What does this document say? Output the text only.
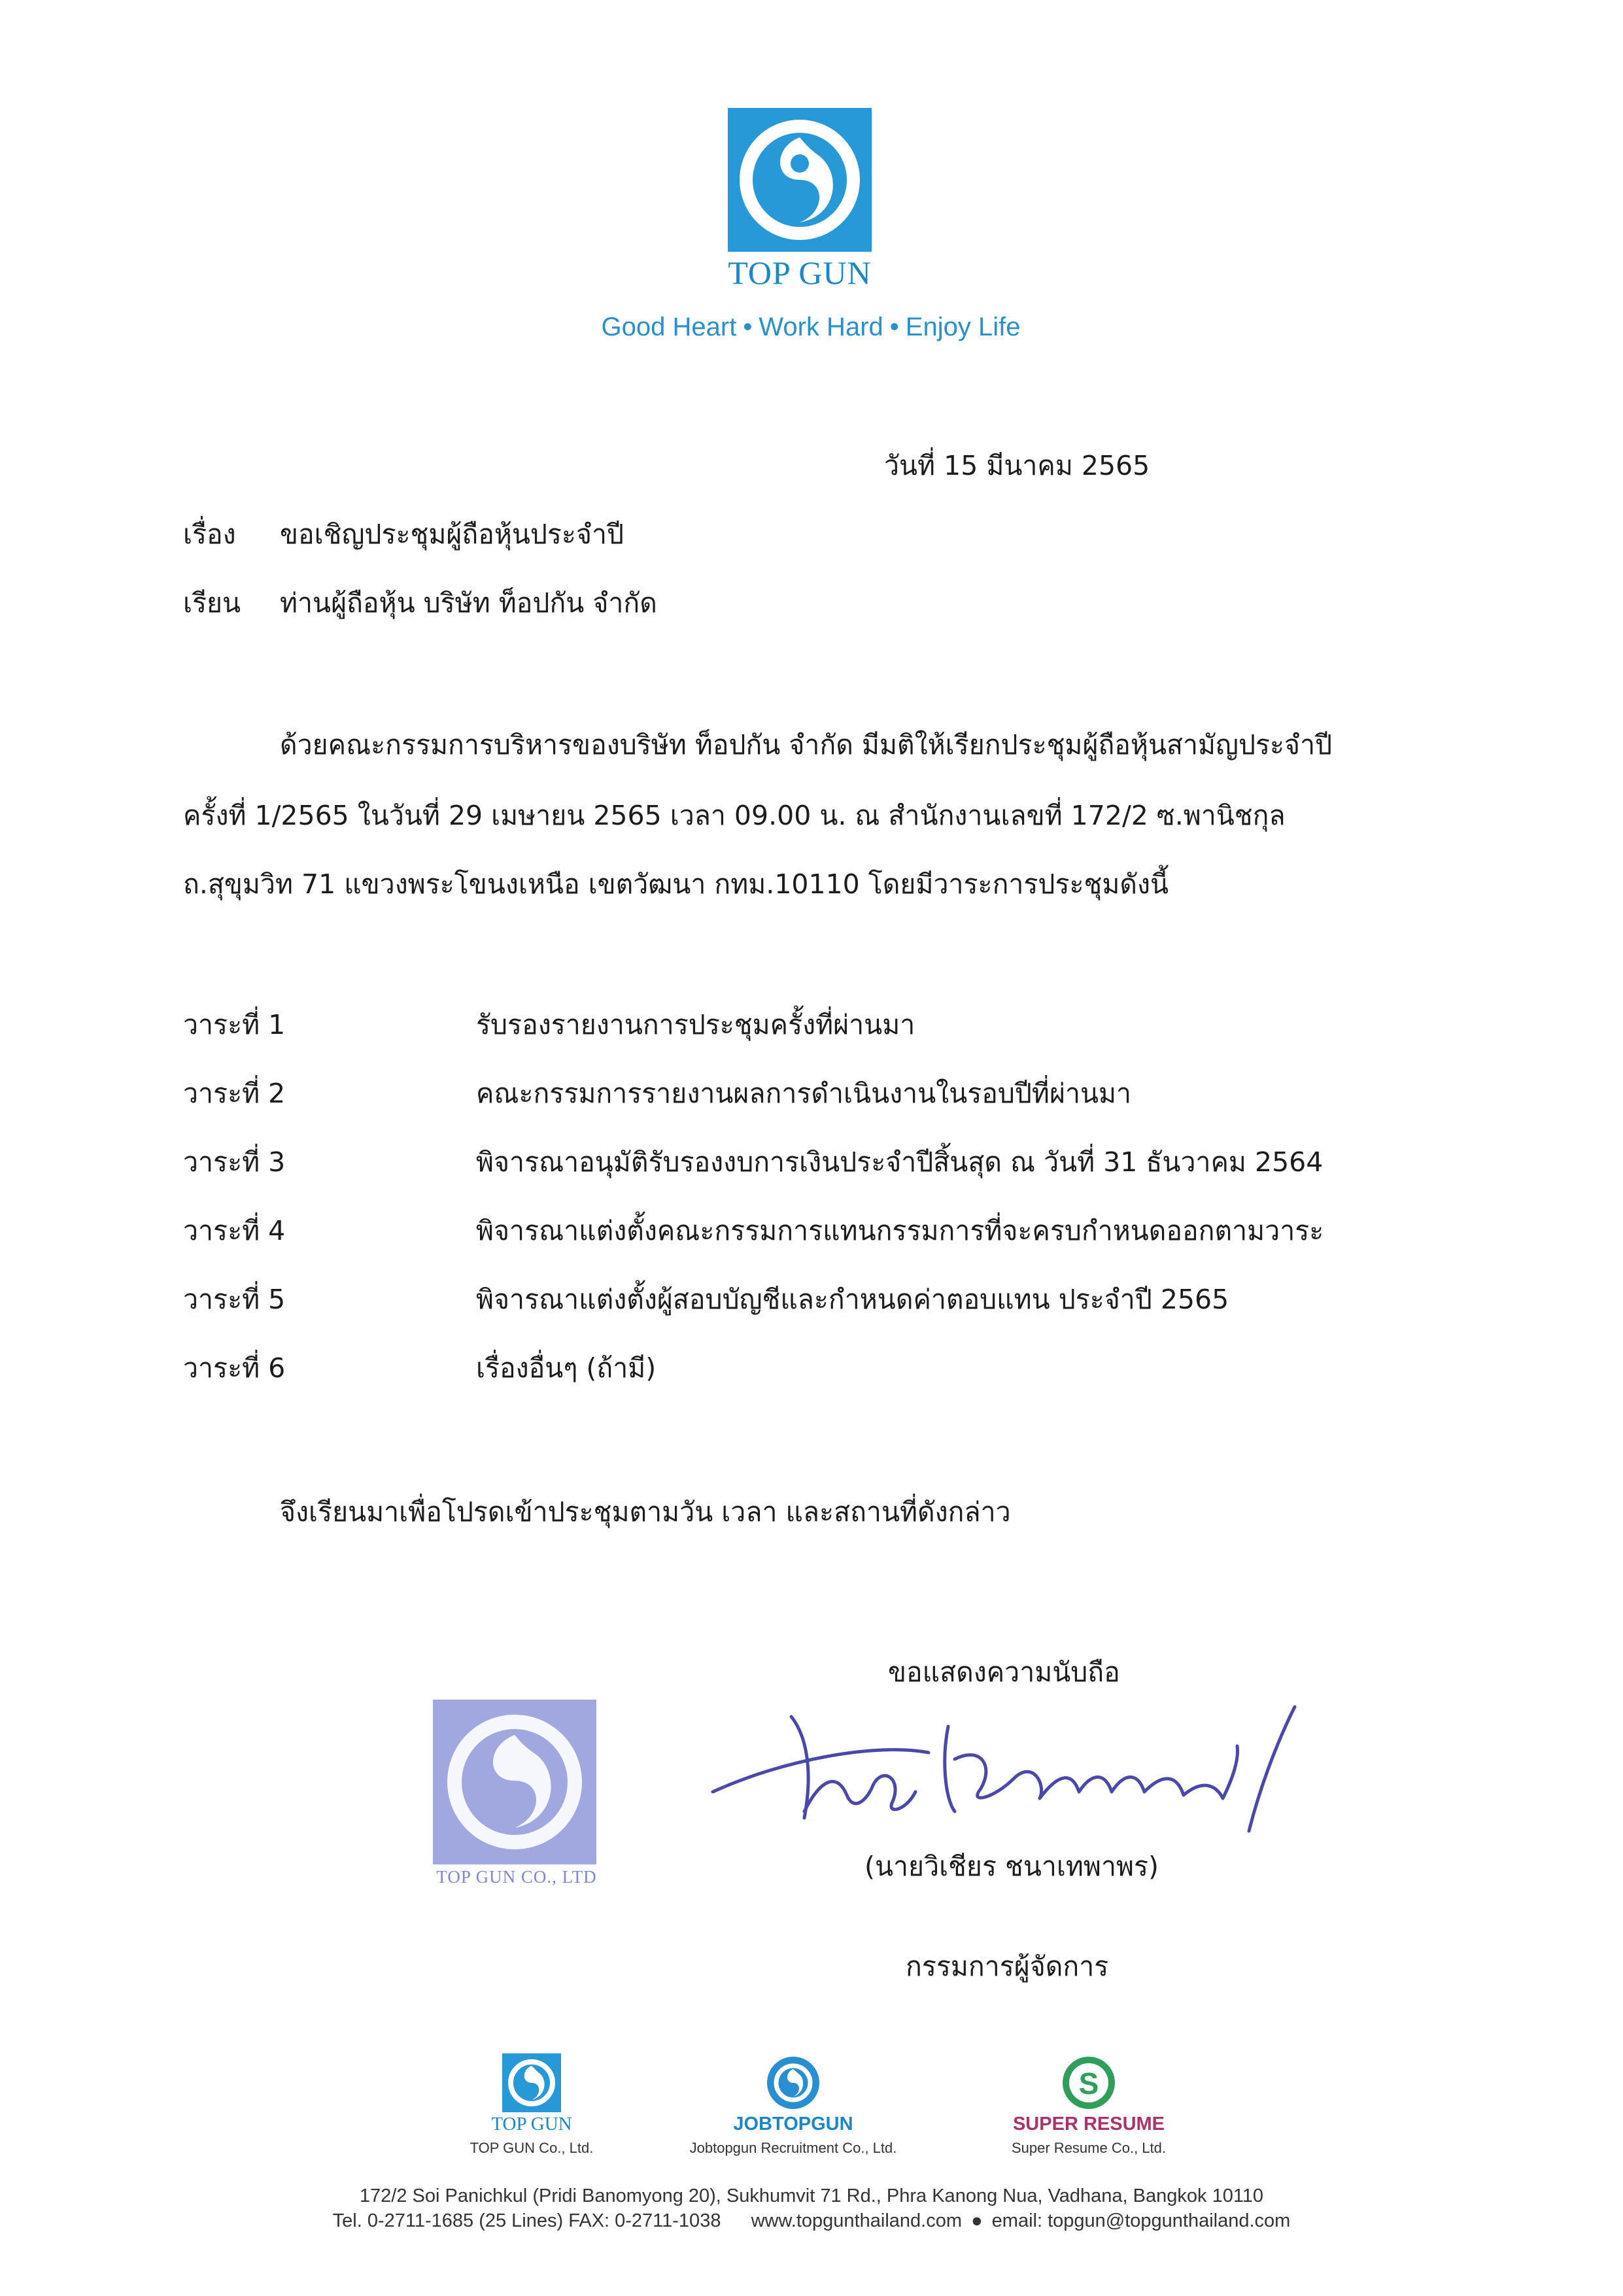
TOP GUN
Good Heart • Work Hard • Enjoy Life
วันที่ 15 มีนาคม 2565
เรื่อง ขอเชิญประชุมผู้ถือหุ้นประจำปี
เรียน ท่านผู้ถือหุ้น บริษัท ท็อปกัน จำกัด
ด้วยคณะกรรมการบริหารของบริษัท ท็อปกัน จำกัด มีมติให้เรียกประชุมผู้ถือหุ้นสามัญประจำปี
ครั้งที่ 1/2565 ในวันที่ 29 เมษายน 2565 เวลา 09.00 น. ณ สำนักงานเลขที่ 172/2 ซ.พานิชกุล
ถ.สุขุมวิท 71 แขวงพระโขนงเหนือ เขตวัฒนา กทม.10110 โดยมีวาระการประชุมดังนี้
วาระที่ 1	รับรองรายงานการประชุมครั้งที่ผ่านมา
วาระที่ 2	คณะกรรมการรายงานผลการดำเนินงานในรอบปีที่ผ่านมา
วาระที่ 3	พิจารณาอนุมัติรับรองงบการเงินประจำปีสิ้นสุด ณ วันที่ 31 ธันวาคม 2564
วาระที่ 4	พิจารณาแต่งตั้งคณะกรรมการแทนกรรมการที่จะครบกำหนดออกตามวาระ
วาระที่ 5	พิจารณาแต่งตั้งผู้สอบบัญชีและกำหนดค่าตอบแทน ประจำปี 2565
วาระที่ 6	เรื่องอื่นๆ (ถ้ามี)
จึงเรียนมาเพื่อโปรดเข้าประชุมตามวัน เวลา และสถานที่ดังกล่าว
ขอแสดงความนับถือ
TOP GUN CO., LTD	(นายวิเชียร ชนาเทพาพร)
กรรมการผู้จัดการ
TOP GUN
TOP GUN Co., Ltd.
JOBTOPGUN
Jobtopgun Recruitment Co., Ltd.
S
SUPER RESUME
Super Resume Co., Ltd.
172/2 Soi Panichkul (Pridi Banomyong 20), Sukhumvit 71 Rd., Phra Kanong Nua, Vadhana, Bangkok 10110
Tel. 0-2711-1685 (25 Lines) FAX: 0-2711-1038 www.topgunthailand.com ● email: topgun@topgunthailand.com
